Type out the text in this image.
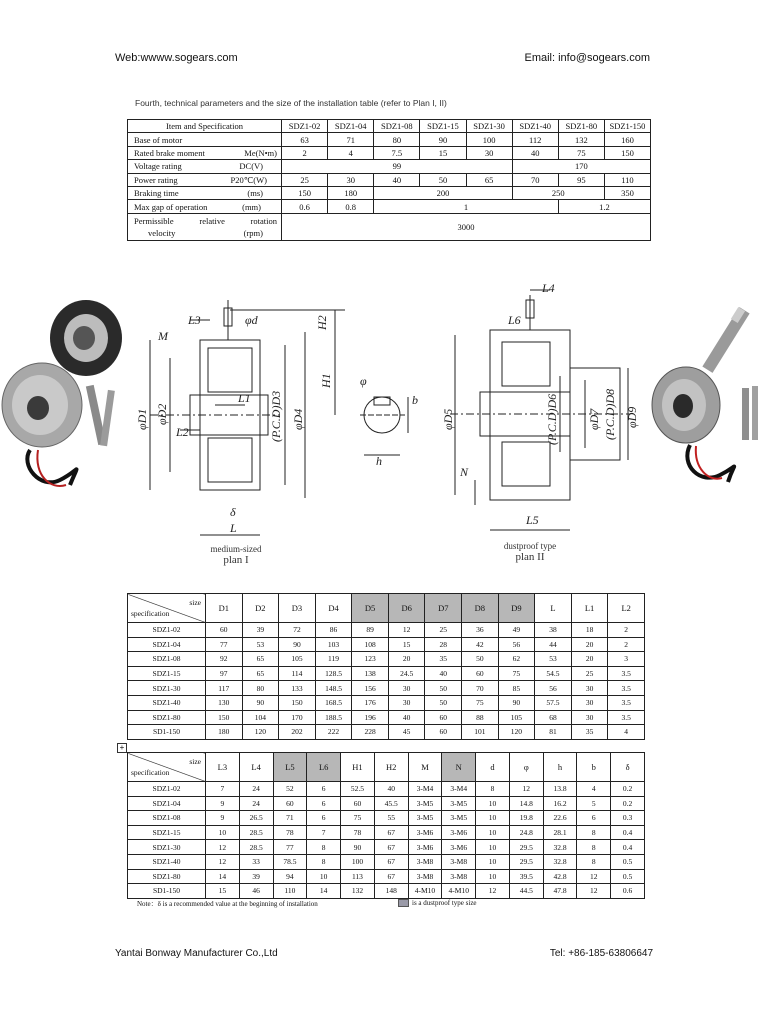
Web:wwww.sogears.com	Email: info@sogears.com
Fourth, technical parameters and the size of the installation table (refer to Plan I, II)
Item and Specification	SDZ1-02	SDZ1-04	SDZ1-08	SDZ1-15	SDZ1-30	SDZ1-40	SDZ1-80	SDZ1-150
Base of motor	63	71	80	90	100	112	132	160
Rated brake moment Me(N•m)	2	4	7.5	15	30	40	75	150
Voltage rating DC(V)	99					170		
Power rating P20℃(W)	25	30	40	50	65	70	95	110
Braking time (ms)	150	180	200			250		350
Max gap of operation (mm)	0.6	0.8	1				1.2	

Permissible relative rotation
velocity (rpm)	3000							
L3
M
φd	H2
H1
φD1 φD2
L1
L2	(P.C.D)D3 φD4
δ
L
φ
b
h
L4
L6
φD5	(P.C.D)D6 φD7 (P.C.D)D8 φD9
N
L5
medium-sized
plan I
dustproof type
plan II
size
specification	D1	D2	D3	D4	D5	D6	D7	D8	D9	L	L1	L2
SDZ1-02	60	39	72	86	89	12	25	36	49	38	18	2
SDZ1-04	77	53	90	103	108	15	28	42	56	44	20	2
SDZ1-08	92	65	105	119	123	20	35	50	62	53	20	3
SDZ1-15	97	65	114	128.5	138	24.5	40	60	75	54.5	25	3.5
SDZ1-30	117	80	133	148.5	156	30	50	70	85	56	30	3.5
SDZ1-40	130	90	150	168.5	176	30	50	75	90	57.5	30	3.5
SDZ1-80	150	104	170	188.5	196	40	60	88	105	68	30	3.5
SD1-150	180	120	202	222	228	45	60	101	120	81	35	4
+
size
specification	L3	L4	L5	L6	H1	H2	M	N	d	φ	h	b	δ
SDZ1-02	7	24	52	6	52.5	40	3-M4	3-M4	8	12	13.8	4	0.2
SDZ1-04	9	24	60	6	60	45.5	3-M5	3-M5	10	14.8	16.2	5	0.2
SDZ1-08	9	26.5	71	6	75	55	3-M5	3-M5	10	19.8	22.6	6	0.3
SDZ1-15	10	28.5	78	7	78	67	3-M6	3-M6	10	24.8	28.1	8	0.4
SDZ1-30	12	28.5	77	8	90	67	3-M6	3-M6	10	29.5	32.8	8	0.4
SDZ1-40	12	33	78.5	8	100	67	3-M8	3-M8	10	29.5	32.8	8	0.5
SDZ1-80	14	39	94	10	113	67	3-M8	3-M8	10	39.5	42.8	12	0.5
SD1-150	15	46	110	14	132	148	4-M10	4-M10	12	44.5	47.8	12	0.6
Note：δ is a recommended value at the beginning of installation	is a dustproof type size
Yantai Bonway Manufacturer Co.,Ltd	Tel: +86-185-63806647
